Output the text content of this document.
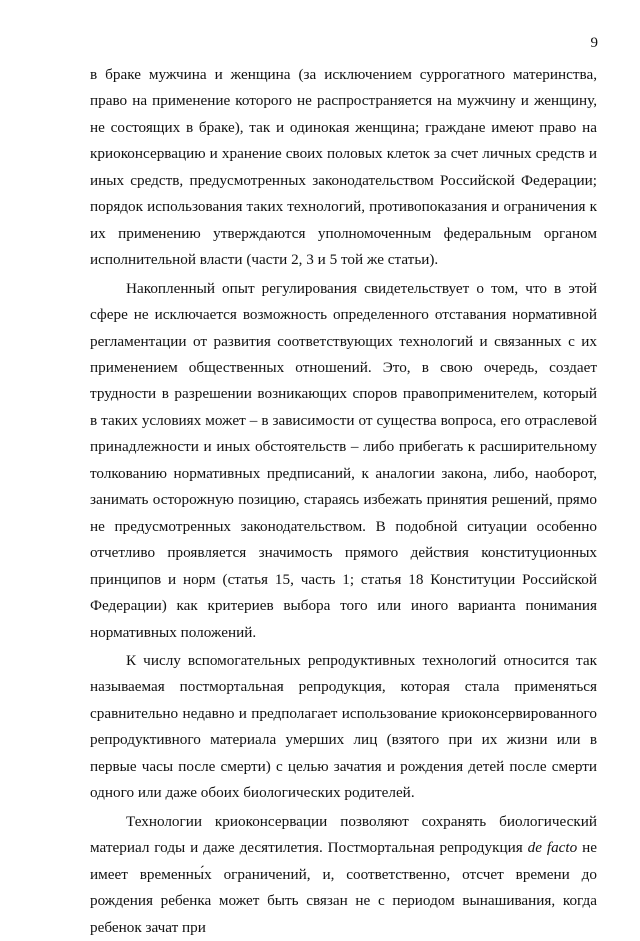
9

в браке мужчина и женщина (за исключением суррогатного материнства, право на применение которого не распространяется на мужчину и женщину, не состоящих в браке), так и одинокая женщина; граждане имеют право на криоконсервацию и хранение своих половых клеток за счет личных средств и иных средств, предусмотренных законодательством Российской Федерации; порядок использования таких технологий, противопоказания и ограничения к их применению утверждаются уполномоченным федеральным органом исполнительной власти (части 2, 3 и 5 той же статьи).

Накопленный опыт регулирования свидетельствует о том, что в этой сфере не исключается возможность определенного отставания нормативной регламентации от развития соответствующих технологий и связанных с их применением общественных отношений. Это, в свою очередь, создает трудности в разрешении возникающих споров правоприменителем, который в таких условиях может – в зависимости от существа вопроса, его отраслевой принадлежности и иных обстоятельств – либо прибегать к расширительному толкованию нормативных предписаний, к аналогии закона, либо, наоборот, занимать осторожную позицию, стараясь избежать принятия решений, прямо не предусмотренных законодательством. В подобной ситуации особенно отчетливо проявляется значимость прямого действия конституционных принципов и норм (статья 15, часть 1; статья 18 Конституции Российской Федерации) как критериев выбора того или иного варианта понимания нормативных положений.

К числу вспомогательных репродуктивных технологий относится так называемая постмортальная репродукция, которая стала применяться сравнительно недавно и предполагает использование криоконсервированного репродуктивного материала умерших лиц (взятого при их жизни или в первые часы после смерти) с целью зачатия и рождения детей после смерти одного или даже обоих биологических родителей.

Технологии криоконсервации позволяют сохранять биологический материал годы и даже десятилетия. Постмортальная репродукция de facto не имеет временны́х ограничений, и, соответственно, отсчет времени до рождения ребенка может быть связан не с периодом вынашивания, когда ребенок зачат при
